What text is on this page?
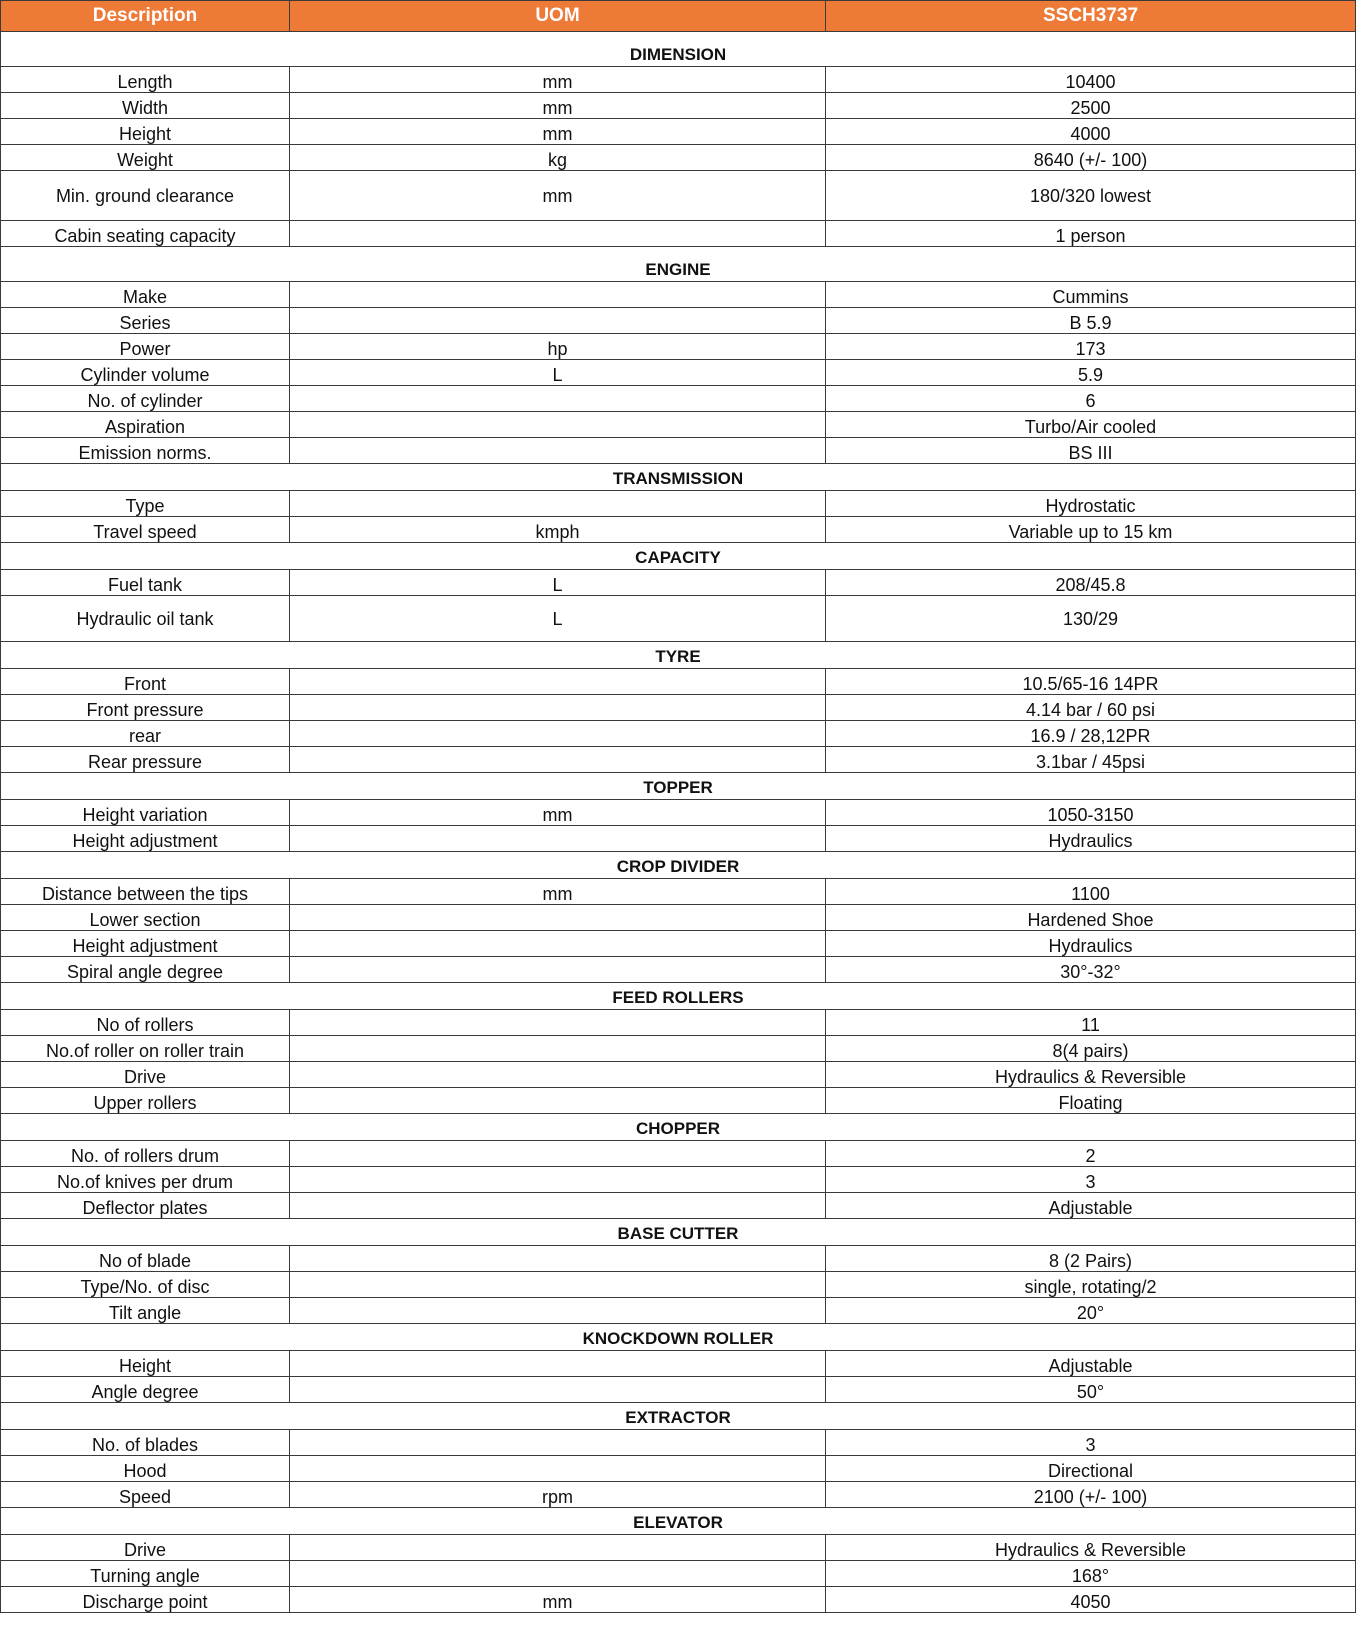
Description	UOM	SSCH3737
DIMENSION		
Length	mm	10400
Width	mm	2500
Height	mm	4000
Weight	kg	8640 (+/- 100)
Min. ground clearance	mm	180/320 lowest
Cabin seating capacity		1 person
ENGINE		
Make		Cummins
Series		B 5.9
Power	hp	173
Cylinder volume	L	5.9
No. of cylinder		6
Aspiration		Turbo/Air cooled
Emission norms.		BS III
TRANSMISSION		
Type		Hydrostatic
Travel speed	kmph	Variable up to 15 km
CAPACITY		
Fuel tank	L	208/45.8
Hydraulic oil tank	L	130/29
TYRE		
Front		10.5/65-16 14PR
Front pressure		4.14 bar / 60 psi
rear		16.9 / 28,12PR
Rear pressure		3.1bar / 45psi
TOPPER		
Height variation	mm	1050-3150
Height adjustment		Hydraulics
CROP DIVIDER		
Distance between the tips	mm	1100
Lower section		Hardened Shoe
Height adjustment		Hydraulics
Spiral angle degree		30°-32°
FEED ROLLERS		
No of rollers		11
No.of roller on roller train		8(4 pairs)
Drive		Hydraulics & Reversible
Upper rollers		Floating
CHOPPER		
No. of rollers drum		2
No.of knives per drum		3
Deflector plates		Adjustable
BASE CUTTER		
No of blade		8 (2 Pairs)
Type/No. of disc		single, rotating/2
Tilt angle		20°
KNOCKDOWN ROLLER		
Height		Adjustable
Angle degree		50°
EXTRACTOR		
No. of blades		3
Hood		Directional
Speed	rpm	2100 (+/- 100)
ELEVATOR		
Drive		Hydraulics & Reversible
Turning angle		168°
Discharge point	mm	4050
